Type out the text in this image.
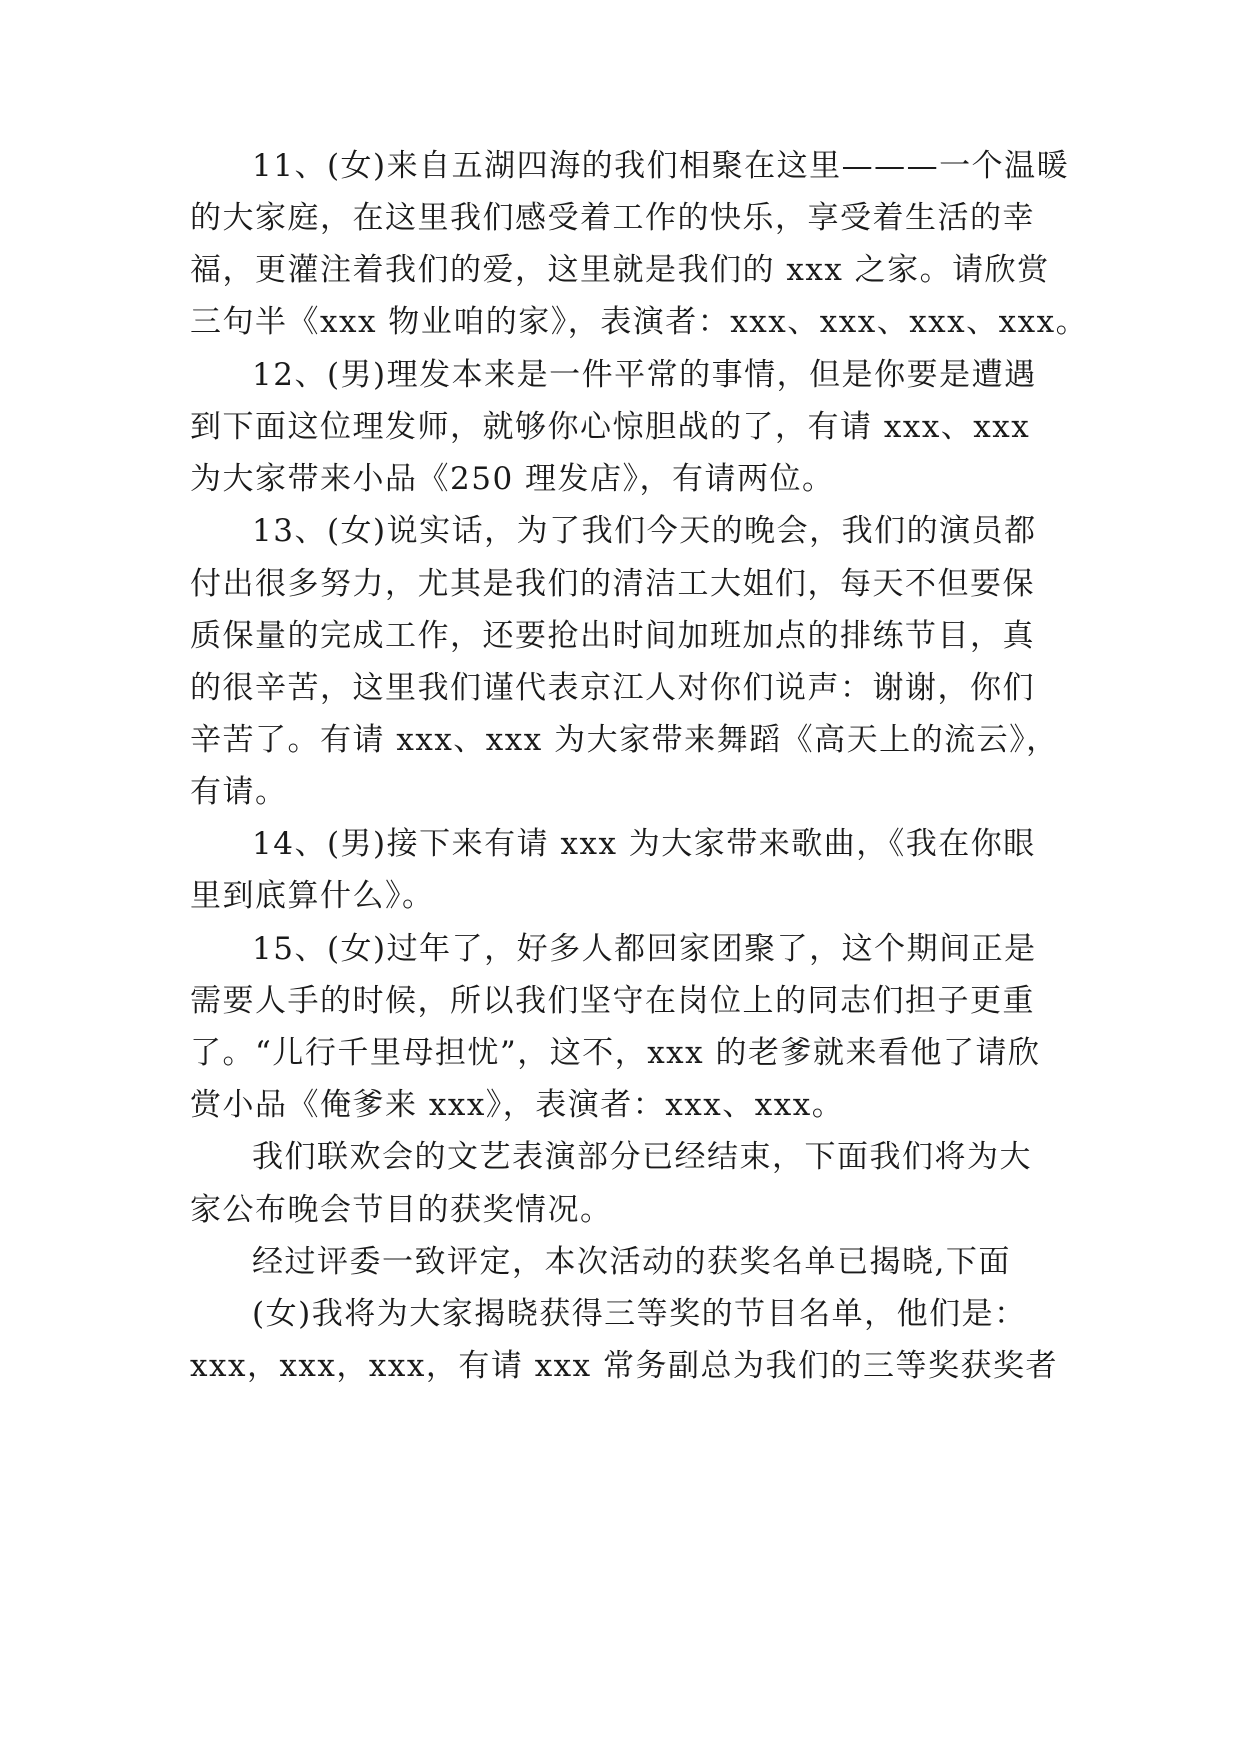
11、(女)来自五湖四海的我们相聚在这里———一个温暖
的大家庭，在这里我们感受着工作的快乐，享受着生活的幸
福，更灌注着我们的爱，这里就是我们的 xxx 之家。请欣赏
三句半《xxx 物业咱的家》，表演者：xxx、xxx、xxx、xxx。
12、(男)理发本来是一件平常的事情，但是你要是遭遇
到下面这位理发师，就够你心惊胆战的了，有请 xxx、xxx
为大家带来小品《250 理发店》，有请两位。
13、(女)说实话，为了我们今天的晚会，我们的演员都
付出很多努力，尤其是我们的清洁工大姐们，每天不但要保
质保量的完成工作，还要抢出时间加班加点的排练节目，真
的很辛苦，这里我们谨代表京江人对你们说声：谢谢，你们
辛苦了。有请 xxx、xxx 为大家带来舞蹈《高天上的流云》，
有请。
14、(男)接下来有请 xxx 为大家带来歌曲，《我在你眼
里到底算什么》。
15、(女)过年了，好多人都回家团聚了，这个期间正是
需要人手的时候，所以我们坚守在岗位上的同志们担子更重
了。“儿行千里母担忧”，这不，xxx 的老爹就来看他了请欣
赏小品《俺爹来 xxx》，表演者：xxx、xxx。
我们联欢会的文艺表演部分已经结束，下面我们将为大
家公布晚会节目的获奖情况。
经过评委一致评定，本次活动的获奖名单已揭晓,下面
(女)我将为大家揭晓获得三等奖的节目名单，他们是：
xxx，xxx，xxx，有请 xxx 常务副总为我们的三等奖获奖者
